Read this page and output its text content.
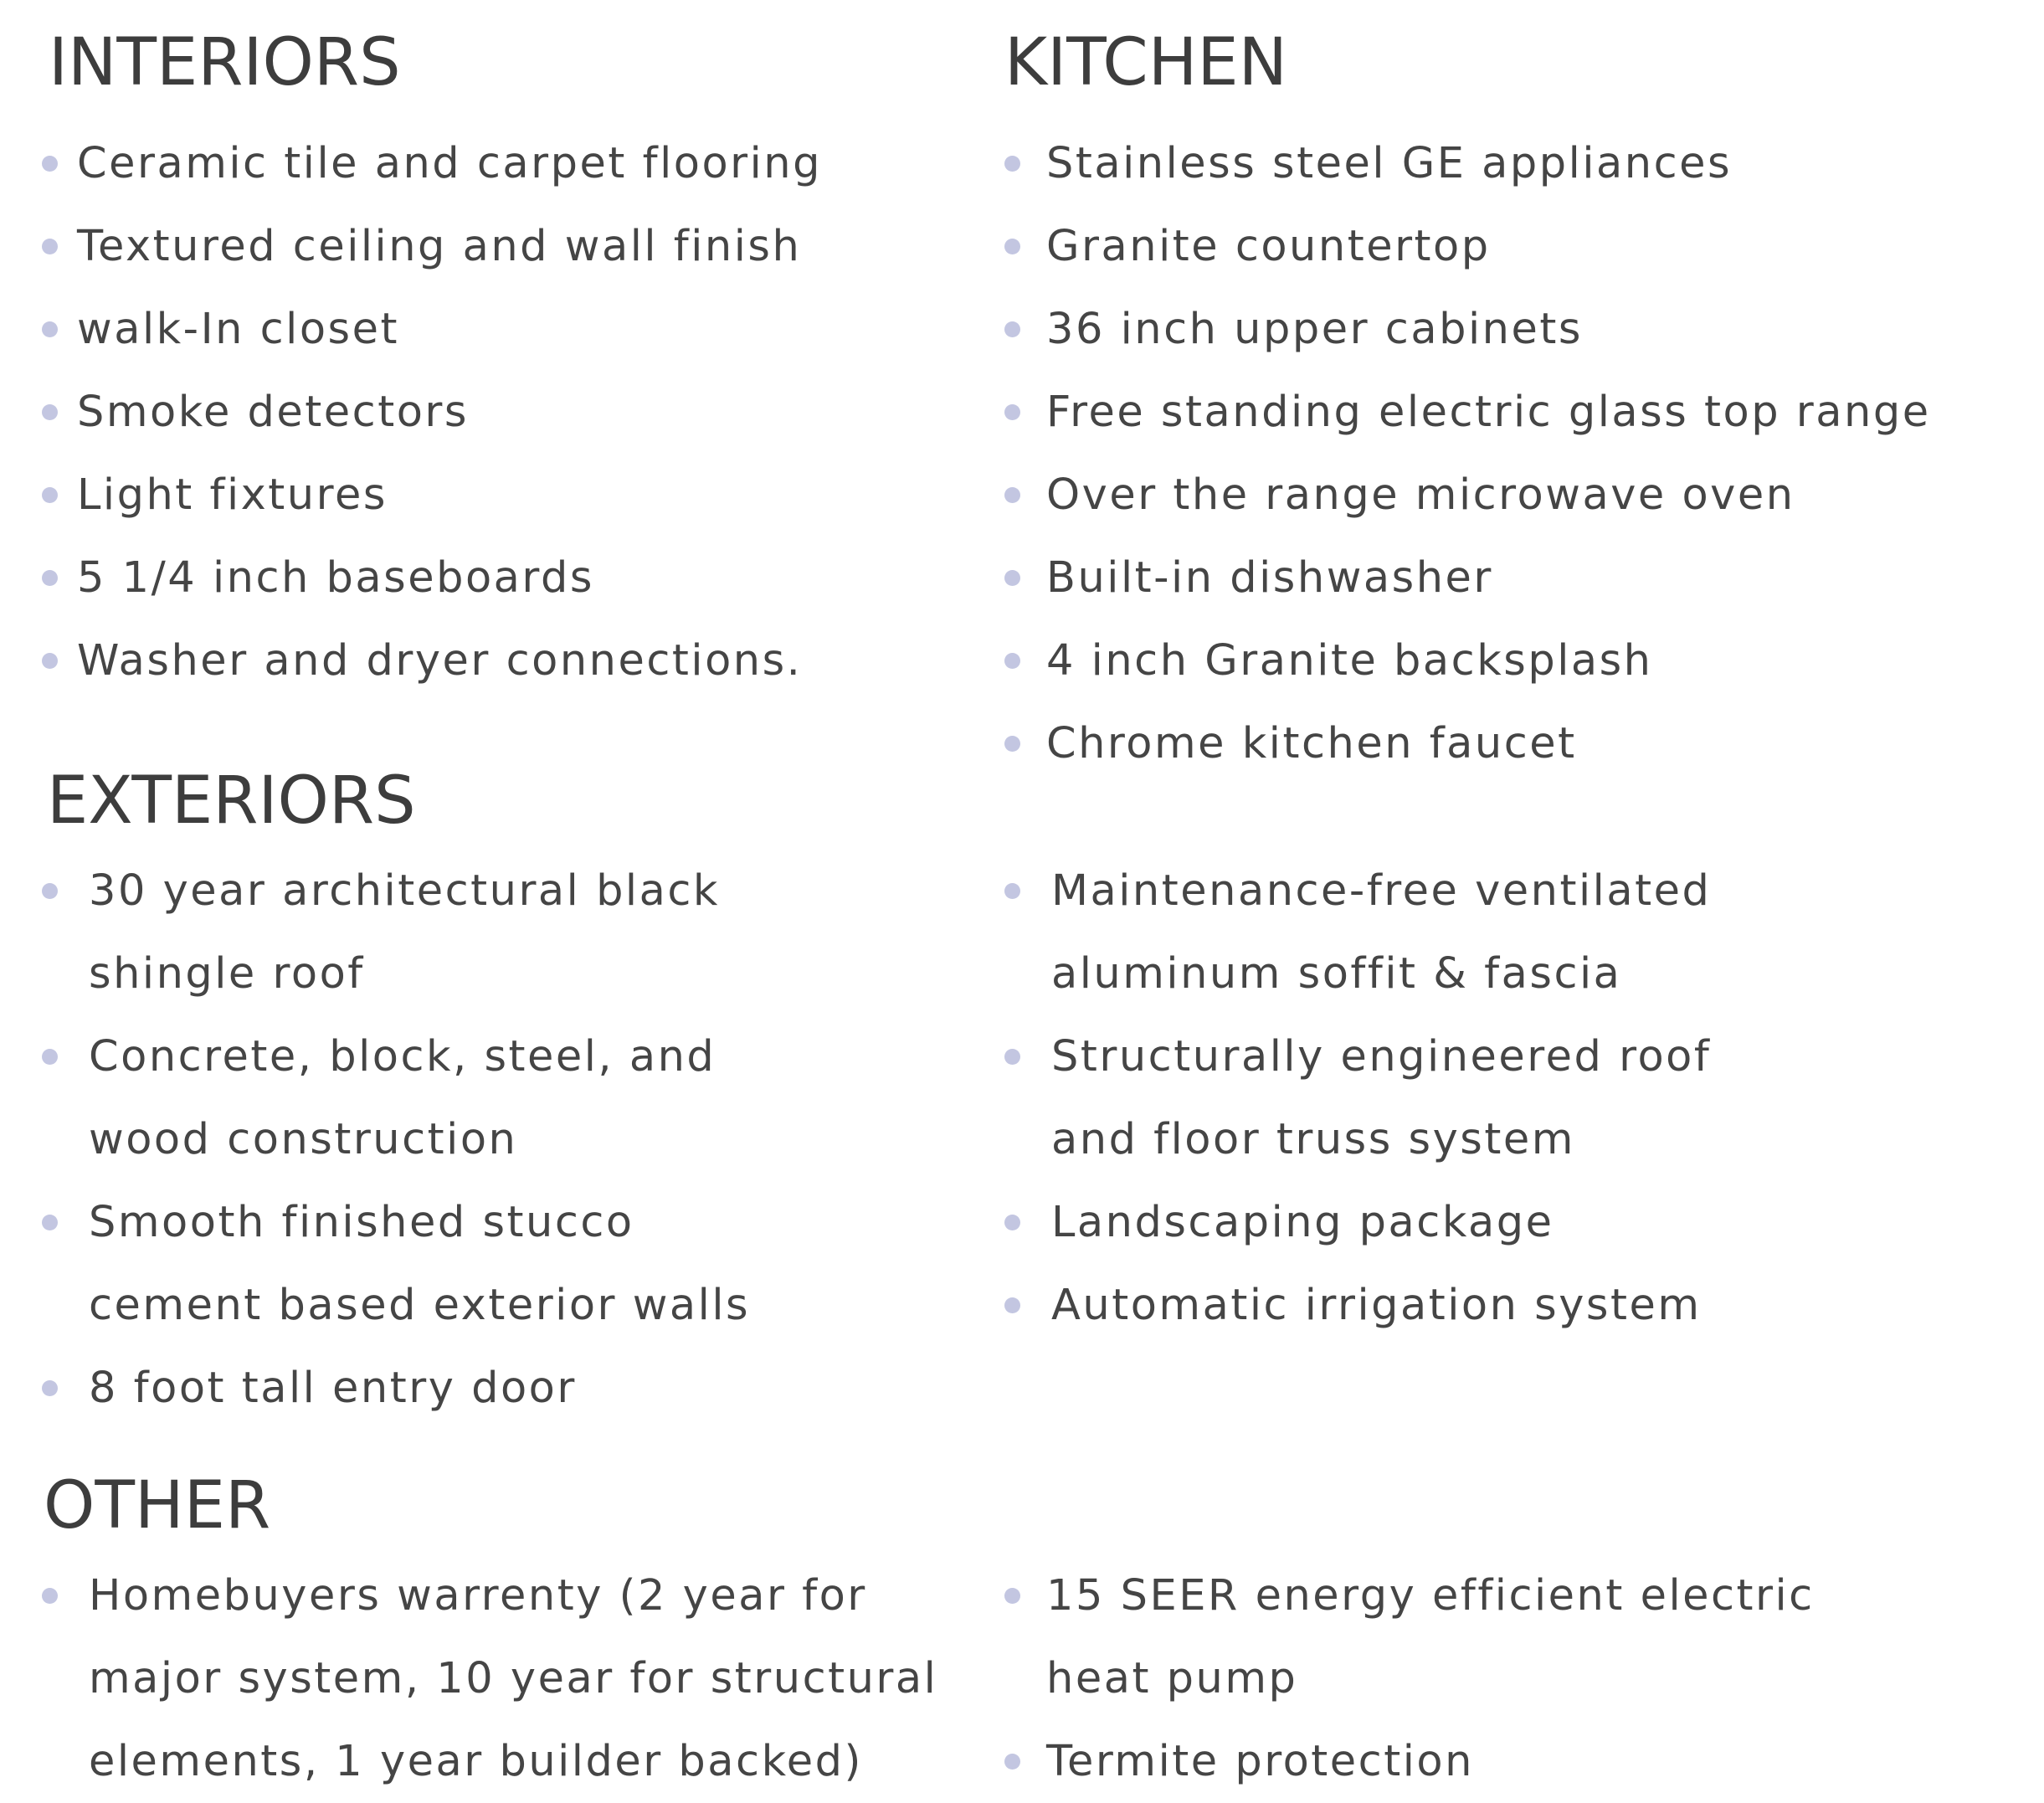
INTERIORS
Ceramic tile and carpet flooring
Textured ceiling and wall finish
walk-In closet
Smoke detectors
Light fixtures
5 1/4 inch baseboards
Washer and dryer connections.
KITCHEN
Stainless steel GE appliances
Granite countertop
36 inch upper cabinets
Free standing electric glass top range
Over the range microwave oven
Built-in dishwasher
4 inch Granite backsplash
Chrome kitchen faucet
EXTERIORS
30 year architectural black
shingle roof
Concrete, block, steel, and
wood construction
Smooth finished stucco
cement based exterior walls
8 foot tall entry door
Maintenance-free ventilated
aluminum soffit & fascia
Structurally engineered roof
and floor truss system
Landscaping package
Automatic irrigation system
OTHER
Homebuyers warrenty (2 year for
major system, 10 year for structural
elements, 1 year builder backed)
15 SEER energy efficient electric
heat pump
Termite protection
